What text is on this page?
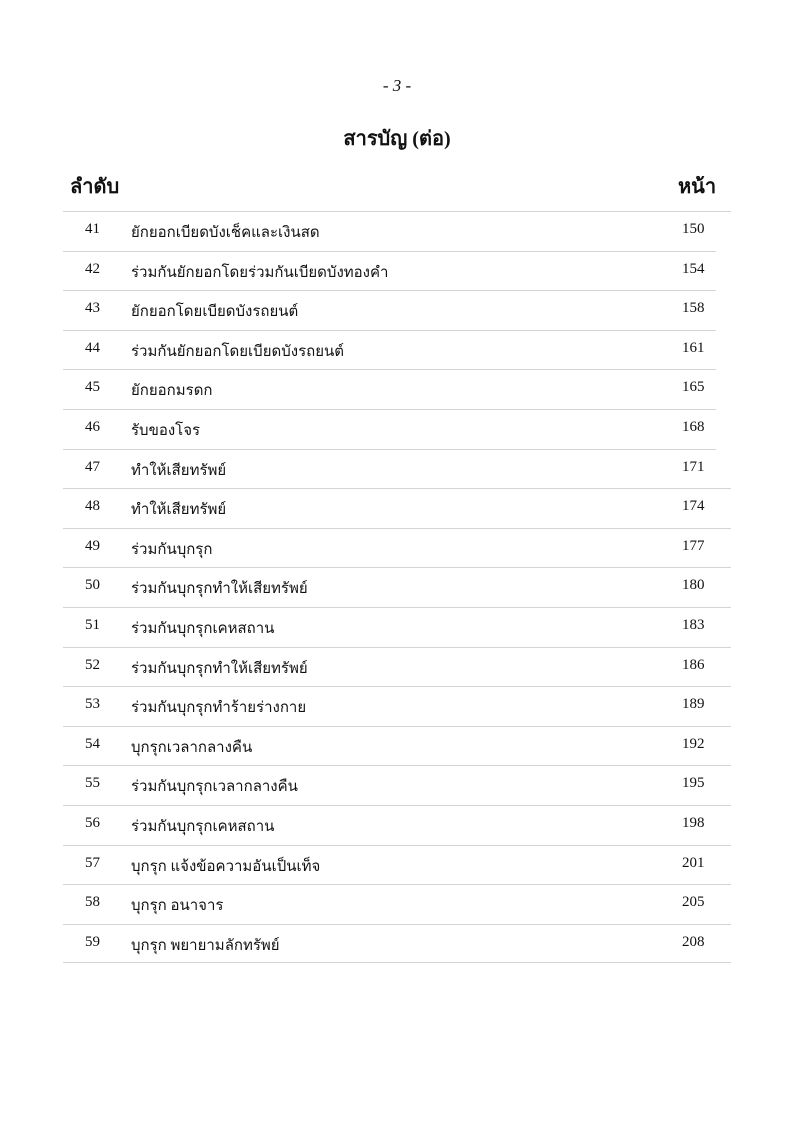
- 3 -
สารบัญ (ต่อ)
ลำดับ	หน้า
41 ยักยอกเบียดบังเช็คและเงินสด	150
42 ร่วมกันยักยอกโดยร่วมกันเบียดบังทองคำ	154
43 ยักยอกโดยเบียดบังรถยนต์	158
44 ร่วมกันยักยอกโดยเบียดบังรถยนต์	161
45 ยักยอกมรดก	165
46 รับของโจร	168
47 ทำให้เสียทรัพย์	171
48 ทำให้เสียทรัพย์	174
49 ร่วมกันบุกรุก	177
50 ร่วมกันบุกรุกทำให้เสียทรัพย์	180
51 ร่วมกันบุกรุกเคหสถาน	183
52 ร่วมกันบุกรุกทำให้เสียทรัพย์	186
53 ร่วมกันบุกรุกทำร้ายร่างกาย	189
54 บุกรุกเวลากลางคืน	192
55 ร่วมกันบุกรุกเวลากลางคืน	195
56 ร่วมกันบุกรุกเคหสถาน	198
57 บุกรุก แจ้งข้อความอันเป็นเท็จ	201
58 บุกรุก อนาจาร	205
59 บุกรุก พยายามลักทรัพย์	208
